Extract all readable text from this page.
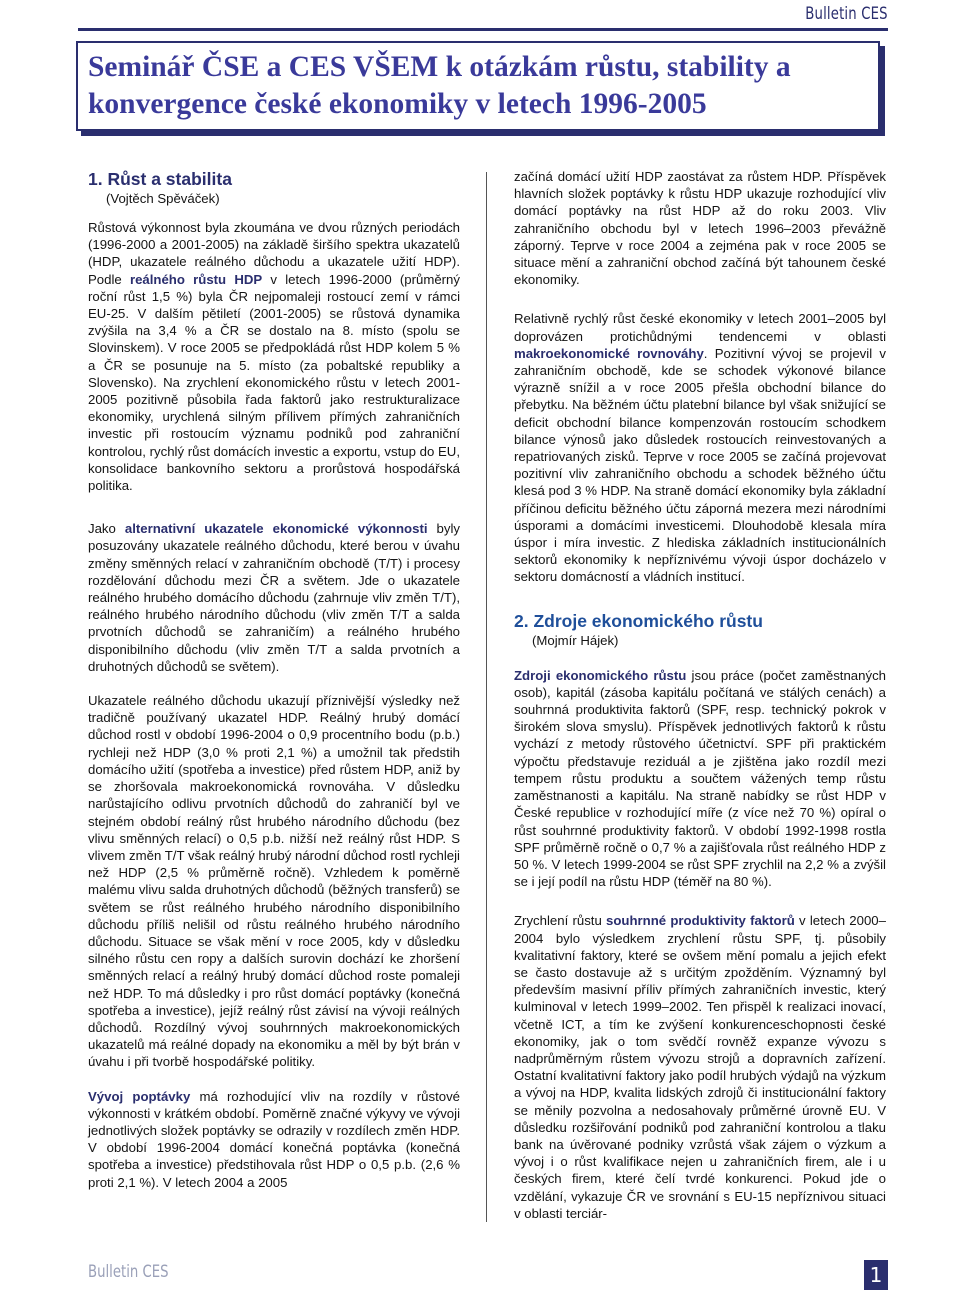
Bulletin CES
Seminář ČSE a CES VŠEM k otázkám růstu, stability a konvergence české ekonomiky v letech 1996-2005
1. Růst a stabilita
(Vojtěch Spěváček)

Růstová výkonnost byla zkoumána ve dvou různých periodách (1996-2000 a 2001-2005) na základě širšího spektra ukazatelů (HDP, ukazatele reálného důchodu a ukazatele užití HDP). Podle reálného růstu HDP v letech 1996-2000 (průměrný roční růst 1,5 %) byla ČR nejpomaleji rostoucí zemí v rámci EU-25. V dalším pětiletí (2001-2005) se růstová dynamika zvýšila na 3,4 % a ČR se dostalo na 8. místo (spolu se Slovinskem). V roce 2005 se předpokládá růst HDP kolem 5 % a ČR se posunuje na 5. místo (za pobaltské republiky a Slovensko). Na zrychlení ekonomického růstu v letech 2001-2005 pozitivně působila řada faktorů jako restrukturalizace ekonomiky, urychlená silným přílivem přímých zahraničních investic při rostoucím významu podniků pod zahraniční kontrolou, rychlý růst domácích investic a exportu, vstup do EU, konsolidace bankovního sektoru a prorůstová hospodářská politika.

Jako alternativní ukazatele ekonomické výkonnosti byly posuzovány ukazatele reálného důchodu, které berou v úvahu změny směnných relací v zahraničním obchodě (T/T) i procesy rozdělování důchodu mezi ČR a světem. Jde o ukazatele reálného hrubého domácího důchodu (zahrnuje vliv změn T/T), reálného hrubého národního důchodu (vliv změn T/T a salda prvotních důchodů se zahraničím) a reálného hrubého disponibilního důchodu (vliv změn T/T a salda prvotních a druhotných důchodů se světem).

Ukazatele reálného důchodu ukazují příznivější výsledky než tradičně používaný ukazatel HDP. Reálný hrubý domácí důchod rostl v období 1996-2004 o 0,9 procentního bodu (p.b.) rychleji než HDP (3,0 % proti 2,1 %) a umožnil tak předstih domácího užití (spotřeba a investice) před růstem HDP, aniž by se zhoršovala makroekonomická rovnováha. V důsledku narůstajícího odlivu prvotních důchodů do zahraničí byl ve stejném období reálný růst hrubého národního důchodu (bez vlivu směnných relací) o 0,5 p.b. nižší než reálný růst HDP. S vlivem změn T/T však reálný hrubý národní důchod rostl rychleji než HDP (2,5 % průměrně ročně). Vzhledem k poměrně malému vlivu salda druhotných důchodů (běžných transferů) se světem se růst reálného hrubého národního disponibilního důchodu příliš nelišil od růstu reálného hrubého národního důchodu. Situace se však mění v roce 2005, kdy v důsledku silného růstu cen ropy a dalších surovin dochází ke zhoršení směnných relací a reálný hrubý domácí důchod roste pomaleji než HDP. To má důsledky i pro růst domácí poptávky (konečná spotřeba a investice), jejíž reálný růst závisí na vývoji reálných důchodů. Rozdílný vývoj souhrnných makroekonomických ukazatelů má reálné dopady na ekonomiku a měl by být brán v úvahu i při tvorbě hospodářské politiky.

Vývoj poptávky má rozhodující vliv na rozdíly v růstové výkonnosti v krátkém období. Poměrně značné výkyvy ve vývoji jednotlivých složek poptávky se odrazily v rozdílech změn HDP. V období 1996-2004 domácí konečná poptávka (konečná spotřeba a investice) předstihovala růst HDP o 0,5 p.b. (2,6 % proti 2,1 %). V letech 2004 a 2005

začíná domácí užití HDP zaostávat za růstem HDP. Příspěvek hlavních složek poptávky k růstu HDP ukazuje rozhodující vliv domácí poptávky na růst HDP až do roku 2003. Vliv zahraničního obchodu byl v letech 1996–2003 převážně záporný. Teprve v roce 2004 a zejména pak v roce 2005 se situace mění a zahraniční obchod začíná být tahounem české ekonomiky.

Relativně rychlý růst české ekonomiky v letech 2001–2005 byl doprovázen protichůdnými tendencemi v oblasti makroekonomické rovnováhy. Pozitivní vývoj se projevil v zahraničním obchodě, kde se schodek výkonové bilance výrazně snížil a v roce 2005 přešla obchodní bilance do přebytku. Na běžném účtu platební bilance byl však snižující se deficit obchodní bilance kompenzován rostoucím schodkem bilance výnosů jako důsledek rostoucích reinvestovaných a repatriovaných zisků. Teprve v roce 2005 se začíná projevovat pozitivní vliv zahraničního obchodu a schodek běžného účtu klesá pod 3 % HDP. Na straně domácí ekonomiky byla základní příčinou deficitu běžného účtu záporná mezera mezi národními úsporami a domácími investicemi. Dlouhodobě klesala míra úspor i míra investic. Z hlediska základních institucionálních sektorů ekonomiky k nepříznivému vývoji úspor docházelo v sektoru domácností a vládních institucí.

2. Zdroje ekonomického růstu
(Mojmír Hájek)

Zdroji ekonomického růstu jsou práce (počet zaměstnaných osob), kapitál (zásoba kapitálu počítaná ve stálých cenách) a souhrnná produktivita faktorů (SPF, resp. technický pokrok v širokém slova smyslu). Příspěvek jednotlivých faktorů k růstu vychází z metody růstového účetnictví. SPF při praktickém výpočtu představuje reziduál a je zjištěna jako rozdíl mezi tempem růstu produktu a součtem vážených temp růstu zaměstnanosti a kapitálu. Na straně nabídky se růst HDP v České republice v rozhodující míře (z více než 70 %) opíral o růst souhrnné produktivity faktorů. V období 1992-1998 rostla SPF průměrně ročně o 0,7 % a zajišťovala růst reálného HDP z 50 %. V letech 1999-2004 se růst SPF zrychlil na 2,2 % a zvýšil se i její podíl na růstu HDP (téměř na 80 %).

Zrychlení růstu souhrnné produktivity faktorů v letech 2000–2004 bylo výsledkem zrychlení růstu SPF, tj. působily kvalitativní faktory, které se ovšem mění pomalu a jejich efekt se často dostavuje až s určitým zpožděním. Významný byl především masivní příliv přímých zahraničních investic, který kulminoval v letech 1999–2002. Ten přispěl k realizaci inovací, včetně ICT, a tím ke zvýšení konkurenceschopnosti české ekonomiky, jak o tom svědčí rovněž expanze vývozu s nadprůměrným růstem vývozu strojů a dopravních zařízení. Ostatní kvalitativní faktory jako podíl hrubých výdajů na výzkum a vývoj na HDP, kvalita lidských zdrojů či institucionální faktory se měnily pozvolna a nedosahovaly průměrné úrovně EU. V důsledku rozšiřování podniků pod zahraniční kontrolou a tlaku bank na úvěrované podniky vzrůstá však zájem o výzkum a vývoj i o růst kvalifikace nejen u zahraničních firem, ale i u českých firem, které čelí tvrdé konkurenci. Pokud jde o vzdělání, vykazuje ČR ve srovnání s EU-15 nepříznivou situaci v oblasti terciár-

Bulletin CES	1
